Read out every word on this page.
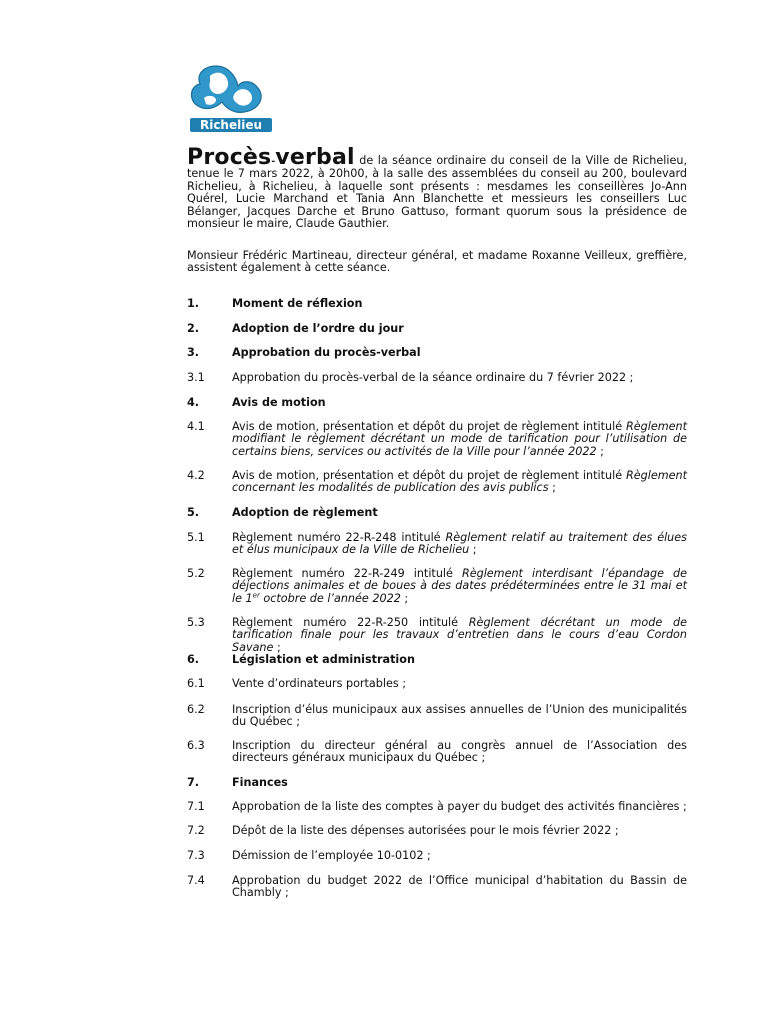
Richelieu
Procès-verbal de la séance ordinaire du conseil de la Ville de Richelieu, tenue le 7 mars 2022, à 20h00, à la salle des assemblées du conseil au 200, boulevard Richelieu, à Richelieu, à laquelle sont présents : mesdames les conseillères Jo-Ann Quérel, Lucie Marchand et Tania Ann Blanchette et messieurs les conseillers Luc Bélanger, Jacques Darche et Bruno Gattuso, formant quorum sous la présidence de monsieur le maire, Claude Gauthier.
Monsieur Frédéric Martineau, directeur général, et madame Roxanne Veilleux, greffière, assistent également à cette séance.
1.	Moment de réflexion
2.	Adoption de l’ordre du jour
3.	Approbation du procès-verbal
3.1	Approbation du procès-verbal de la séance ordinaire du 7 février 2022 ;
4.	Avis de motion
4.1	Avis de motion, présentation et dépôt du projet de règlement intitulé Règlement modifiant le règlement décrétant un mode de tarification pour l’utilisation de certains biens, services ou activités de la Ville pour l’année 2022 ;
4.2	Avis de motion, présentation et dépôt du projet de règlement intitulé Règlement concernant les modalités de publication des avis publics ;
5.	Adoption de règlement
5.1	Règlement numéro 22-R-248 intitulé Règlement relatif au traitement des élues et élus municipaux de la Ville de Richelieu ;
5.2	Règlement numéro 22-R-249 intitulé Règlement interdisant l’épandage de déjections animales et de boues à des dates prédéterminées entre le 31 mai et le 1er octobre de l’année 2022 ;
5.3	Règlement numéro 22-R-250 intitulé Règlement décrétant un mode de tarification finale pour les travaux d’entretien dans le cours d’eau Cordon Savane ;
6.	Législation et administration
6.1	Vente d’ordinateurs portables ;
6.2	Inscription d’élus municipaux aux assises annuelles de l’Union des municipalités du Québec ;
6.3	Inscription du directeur général au congrès annuel de l’Association des directeurs généraux municipaux du Québec ;
7.	Finances
7.1	Approbation de la liste des comptes à payer du budget des activités financières ;
7.2	Dépôt de la liste des dépenses autorisées pour le mois février 2022 ;
7.3	Démission de l’employée 10-0102 ;
7.4	Approbation du budget 2022 de l’Office municipal d’habitation du Bassin de Chambly ;
